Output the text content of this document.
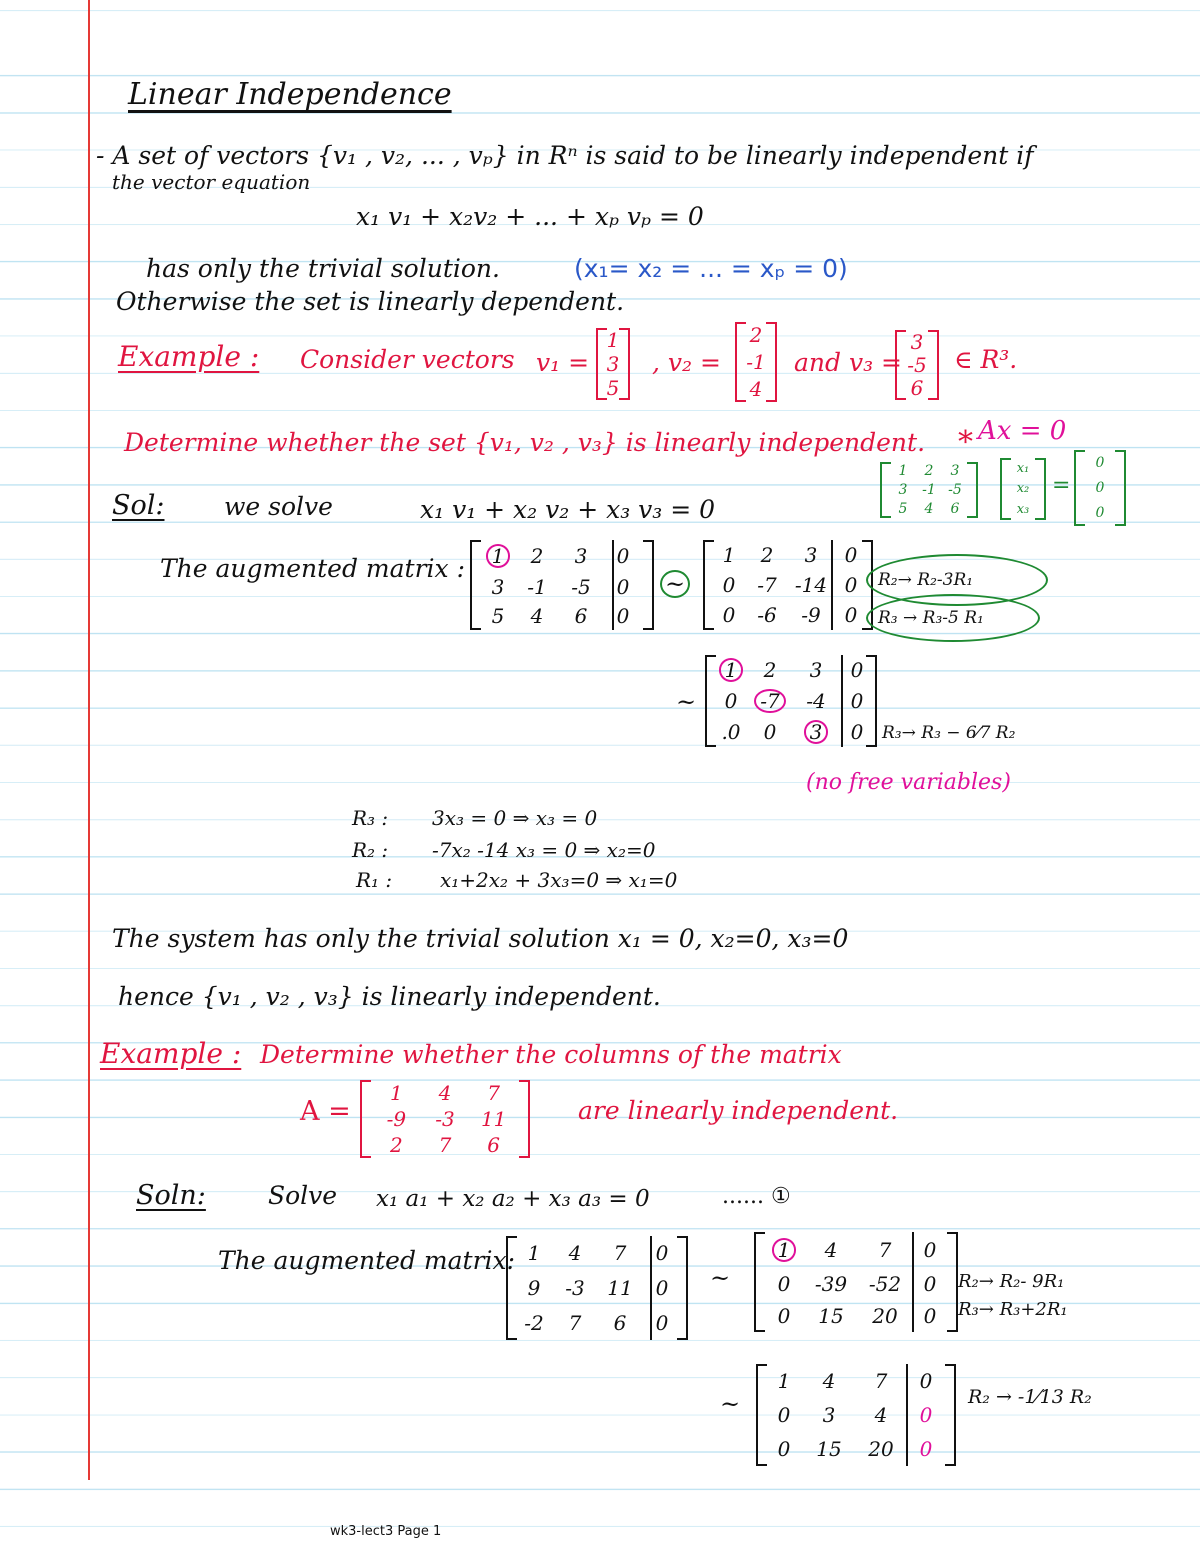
Linear Independence
- A set of vectors {v₁ , v₂, ... , vₚ} in Rⁿ is said to be linearly independent if
the vector equation
x₁ v₁ + x₂v₂ + ... + xₚ vₚ = 0
has only the trivial solution.	(x₁= x₂ = ... = xₚ = 0)
Otherwise the set is linearly dependent.
Example : Consider vectors v₁ =
1
3
5
, v₂ =
2
-1
4
and v₃ =
3
-5
6
∈ R³.
Determine whether the set {v₁, v₂ , v₃} is linearly independent. * Ax = 0
1	2	3
3	-1 -5
5	4	6
x₁
x₂
x₃
=
0
0
0
Sol: we solve	x₁ v₁ + x₂ v₂ + x₃ v₃ = 0
The augmented matrix :	1	2	3	0
3	-1	-5	0
5	4	6	0
~
1	2	3	0
0	-7 -14 0
0	-6	-9	0
R₂→ R₂-3R₁
R₃ → R₃-5 R₁
~
1	2	3	0
0	-7	-4	0
.0	0	3	0	R₃→ R₃ − 6⁄7 R₂
(no free variables)
R₃ : 3x₃ = 0 ⇒ x₃ = 0
R₂ : -7x₂ -14 x₃ = 0 ⇒ x₂=0
R₁ : x₁+2x₂ + 3x₃=0 ⇒ x₁=0
The system has only the trivial solution x₁ = 0, x₂=0, x₃=0
hence {v₁ , v₂ , v₃} is linearly independent.
Example : Determine whether the columns of the matrix
A =
1	4	7
-9	-3	11
2	7	6
are linearly independent.
Soln: Solve x₁ a₁ + x₂ a₂ + x₃ a₃ = 0	...... ①
The augmented matrix: 1	4	7	0
9	-3	11	0
-2	7	6	0
~
1	4	7	0
0	-39	-52	0
0	15	20	0
R₂→ R₂- 9R₁
R₃→ R₃+2R₁
~
1	4	7	0
0	3	4	0
0	15	20	0
R₂ → -1⁄13 R₂
wk3-lect3 Page 1
